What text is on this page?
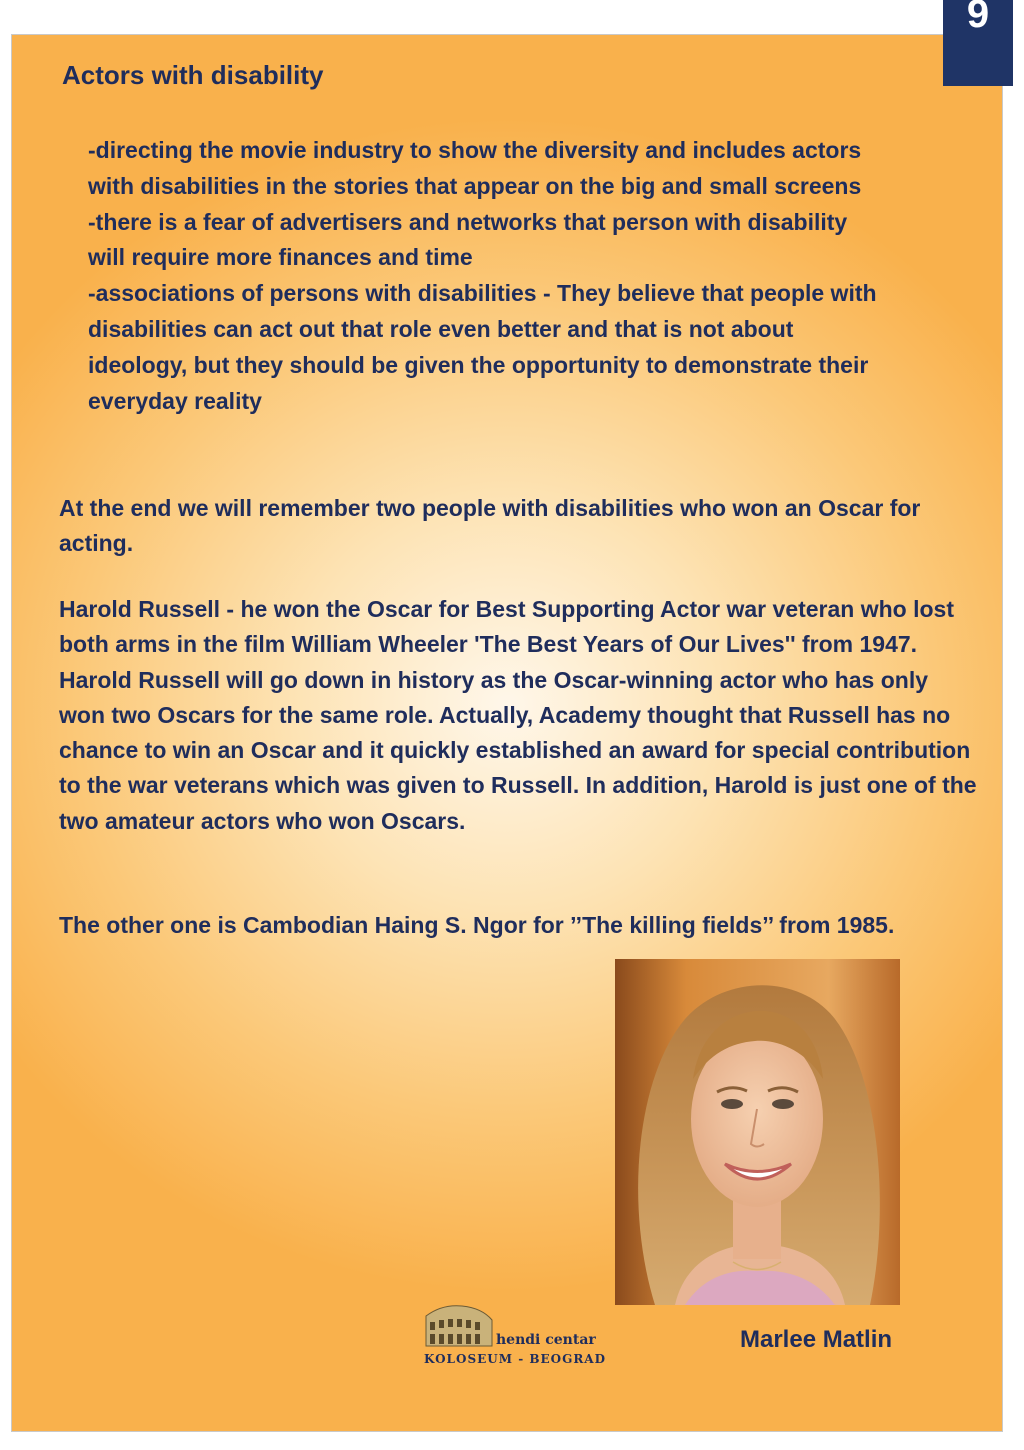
9
Actors with disability

-directing the movie industry to show the diversity and includes actors with disabilities in the stories that appear on the big and small screens

-there is a fear of advertisers and networks that person with disability will require more finances and time

-associations of persons with disabilities - They believe that people with disabilities can act out that role even better and that is not about ideology, but they should be given the opportunity to demonstrate their everyday reality

At the end we will remember two people with disabilities who won an Oscar for acting.

Harold Russell - he won the Oscar for Best Supporting Actor war veteran who lost both arms in the film William Wheeler 'The Best Years of Our Lives'' from 1947. Harold Russell will go down in history as the Oscar-winning actor who has only won two Oscars for the same role. Actually, Academy thought that Russell has no chance to win an Oscar and it quickly established an award for special contribution to the war veterans which was given to Russell. In addition, Harold is just one of the two amateur actors who won Oscars.

The other one is Cambodian Haing S. Ngor for ’’The killing fields’’ from 1985.

Marlee Matlin
hendi centar
KOLOSEUM - BEOGRAD
